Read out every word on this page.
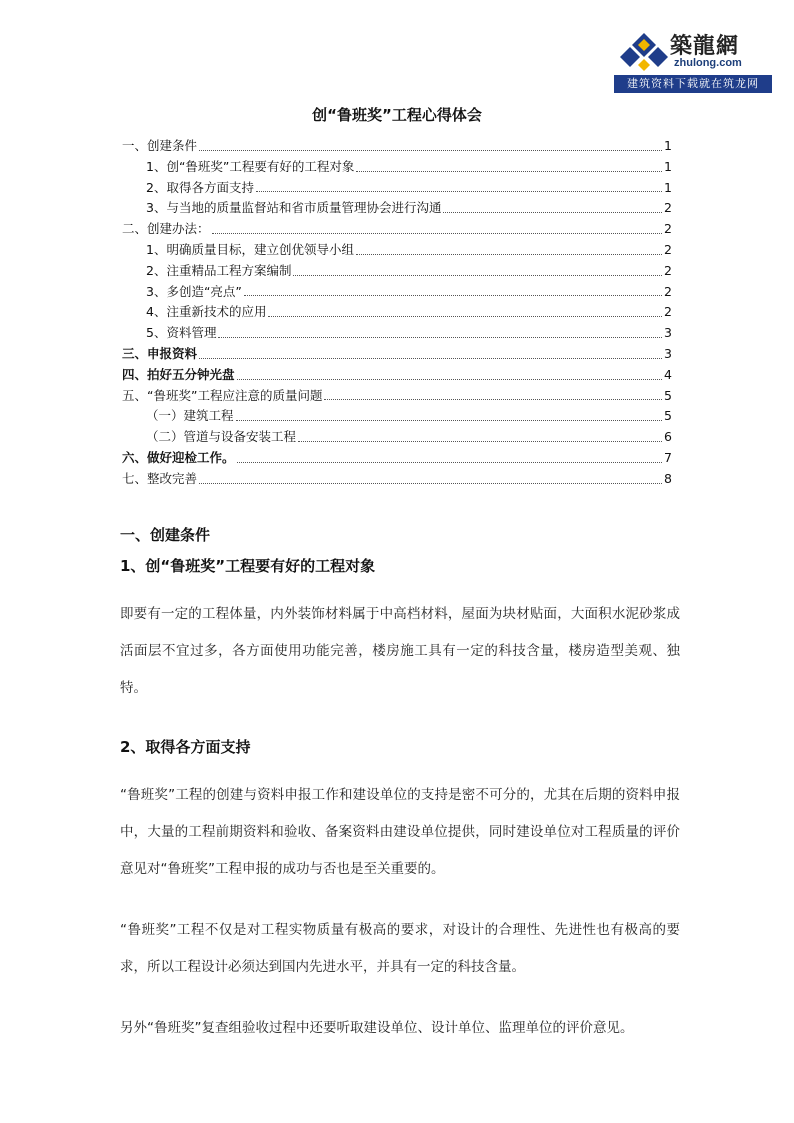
築龍網
zhulong.com
建筑资料下载就在筑龙网
创“鲁班奖”工程心得体会
一、创建条件	1
1、创“鲁班奖”工程要有好的工程对象	1
2、取得各方面支持	1
3、与当地的质量监督站和省市质量管理协会进行沟通	2
二、创建办法：	2
1、明确质量目标，建立创优领导小组	2
2、注重精品工程方案编制	2
3、多创造“亮点”	2
4、注重新技术的应用	2
5、资料管理	3
三、申报资料	3
四、拍好五分钟光盘	4
五、“鲁班奖”工程应注意的质量问题	5
（一）建筑工程	5
（二）管道与设备安装工程	6
六、做好迎检工作。	7
七、整改完善	8
一、创建条件
1、创“鲁班奖”工程要有好的工程对象

即要有一定的工程体量，内外装饰材料属于中高档材料，屋面为块材贴面，大面积水泥砂浆成活面层不宜过多，各方面使用功能完善，楼房施工具有一定的科技含量，楼房造型美观、独特。

2、取得各方面支持

“鲁班奖”工程的创建与资料申报工作和建设单位的支持是密不可分的，尤其在后期的资料申报中，大量的工程前期资料和验收、备案资料由建设单位提供，同时建设单位对工程质量的评价意见对“鲁班奖”工程申报的成功与否也是至关重要的。

“鲁班奖”工程不仅是对工程实物质量有极高的要求，对设计的合理性、先进性也有极高的要求，所以工程设计必须达到国内先进水平，并具有一定的科技含量。

另外“鲁班奖”复查组验收过程中还要听取建设单位、设计单位、监理单位的评价意见。
